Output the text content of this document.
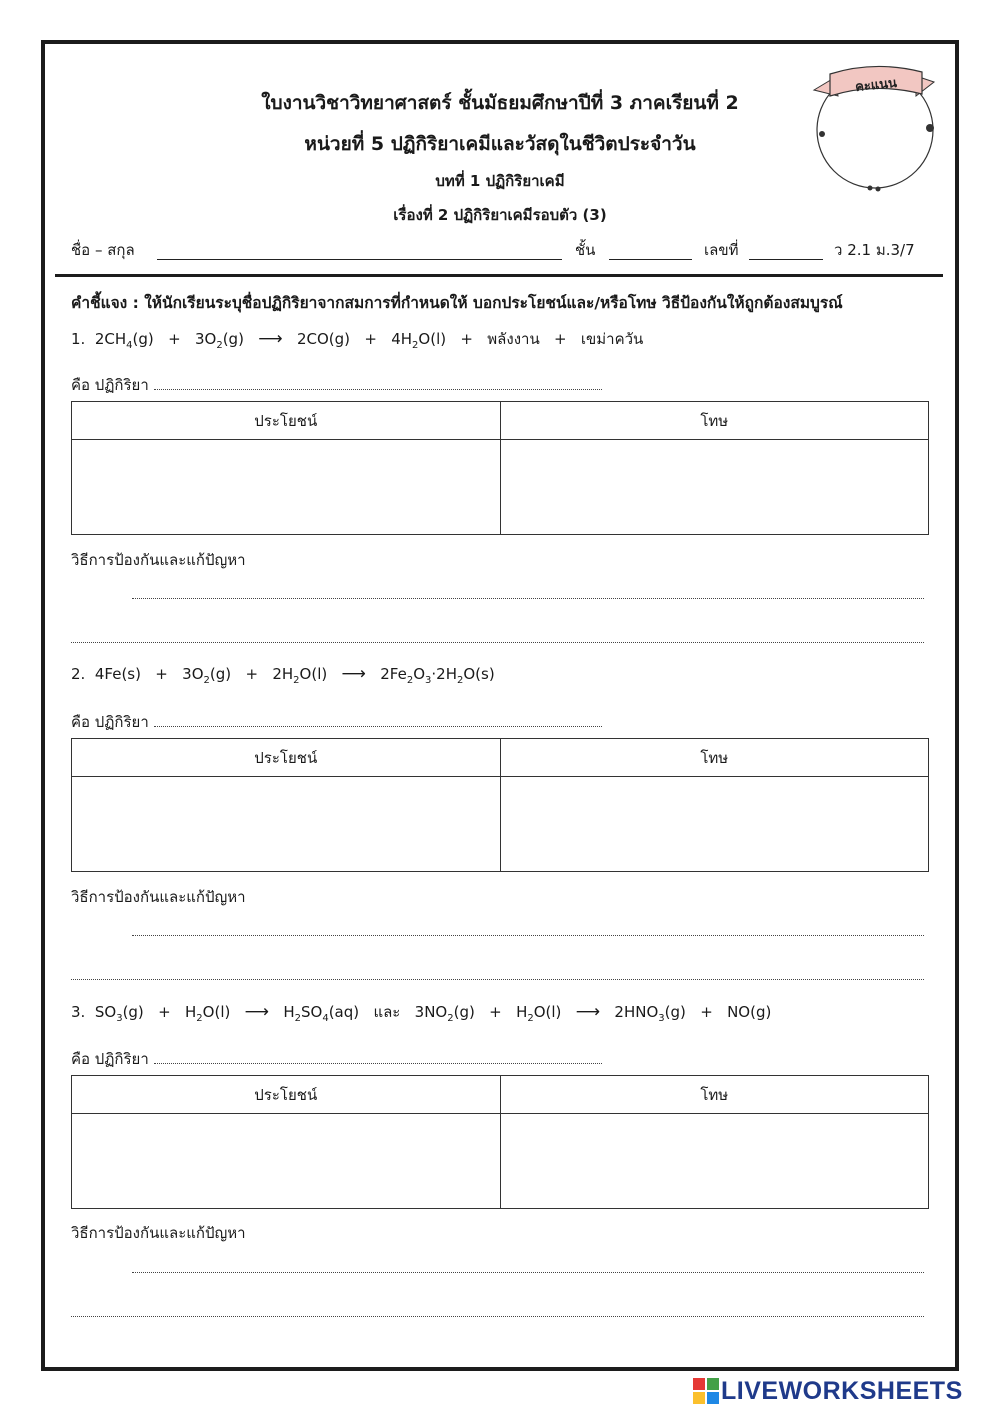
ใบงานวิชาวิทยาศาสตร์ ชั้นมัธยมศึกษาปีที่ 3 ภาคเรียนที่ 2
หน่วยที่ 5 ปฏิกิริยาเคมีและวัสดุในชีวิตประจำวัน
บทที่ 1 ปฏิกิริยาเคมี
เรื่องที่ 2 ปฏิกิริยาเคมีรอบตัว (3)
คะแนน
ชื่อ – สกุล	ชั้น	เลขที่	ว 2.1 ม.3/7
คำชี้แจง : ให้นักเรียนระบุชื่อปฏิกิริยาจากสมการที่กำหนดให้ บอกประโยชน์และ/หรือโทษ วิธีป้องกันให้ถูกต้องสมบูรณ์
1. $2CH_4(g) + 3O_2(g)$ ⟶ $2CO(g) + 4H_2O(l)$ + พลังงาน + เขม่าควัน
คือ ปฏิกิริยา
ประโยชน์	โทษ

วิธีการป้องกันและแก้ปัญหา
2. $4Fe(s) + 3O_2(g) + 2H_2O(l)$ ⟶ $2Fe_2O_3\cdot 2H_2O(s)$
คือ ปฏิกิริยา
ประโยชน์	โทษ

วิธีการป้องกันและแก้ปัญหา
3. $SO_3(g) + H_2O(l)$ ⟶ $H_2SO_4(aq)$ และ $3NO_2(g) + H_2O(l)$ ⟶ $2HNO_3(g) + NO(g)$
คือ ปฏิกิริยา
ประโยชน์	โทษ

วิธีการป้องกันและแก้ปัญหา
LIVEWORKSHEETS
